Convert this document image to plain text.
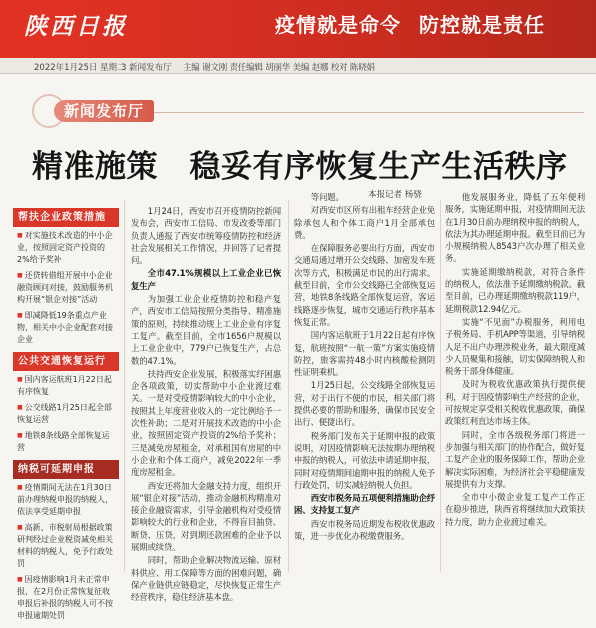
陕西日报	疫情就是命令 防控就是责任
2022年1月25日 星期二
3 新闻发布厅 主编 谢文刚 责任编辑 胡丽华 美编 赵娜 校对 陈晓娟
新闻发布厅
精准施策　稳妥有序恢复生产生活秩序
本报记者 杨骁
帮扶企业政策措施
■ 对实施技术改造的中小企业，按照固定资产投资的2%给予奖补
■ 还贷转借组开展中小企业融资顾问对接，鼓励服务机构开展“银企对接”活动
■ 即减降低19条重点产业物，相关中小企业配套对接企业
公共交通恢复运行
■ 国内客运航班1月22日起有序恢复
■ 公交线路1月25日起全部恢复运营
■ 地铁8条线路全部恢复运营
纳税可延期申报
■ 疫情期间无法在1月30日前办理纳税申报的纳税人，依法享受延期申报
■ 高新、市税射局根据政策研判经过企业税资减免相关材料的纳税人，免予行政处罚
■ 因疫情影响1月未正常申报，在2月份正常恢复征收申报后补报的纳税人可不按申报逾期处罚

1月24日，西安市召开疫情防控新闻发布会，西安市工信局、市发改委等部门负责人通报了西安市统筹疫情防控和经济社会发展相关工作情况，并回答了记者提问。

全市47.1%规模以上工业企业已恢复生产

为加强工业企业疫情防控和稳产复产，西安市工信局按照分类指导、精准施策的原则，持续推动规上工业企业有序复工复产。截至目前，全市1656户规模以上工业企业中，779户已恢复生产，占总数的47.1%。

扶持西安企业发展，积极落实纾困惠企各项政策，切实帮助中小企业渡过难关。一是对受疫情影响较大的中小企业，按照其上年度营业收入的一定比例给予一次性补助；二是对开展技术改造的中小企业，按照固定资产投资的2%给予奖补；三是减免房屋租金，对承租国有房屋的中小企业和个体工商户，减免2022年一季度房屋租金。

西安还将加大金融支持力度，组织开展“银企对接”活动，推动金融机构精准对接企业融资需求，引导金融机构对受疫情影响较大的行业和企业，不得盲目抽贷、断贷、压贷，对到期还款困难的企业予以展期或续贷。

同时，帮助企业解决物流运输、原材料供应、用工保障等方面的困难问题，确保产业链供应链稳定，尽快恢复正常生产经营秩序，稳住经济基本盘。

等问题。

对西安市区所有出租车经营企业免除承包人和个体工商户1月全部承包费。

在保障服务必要出行方面，西安市交通局通过增开公交线路、加密发车班次等方式，积极满足市民的出行需求。截至目前，全市公交线路已全部恢复运营，地铁8条线路全部恢复运营，客运线路逐步恢复，城市交通运行秩序基本恢复正常。

国内客运航班于1月22日起有序恢复，航班按照“一航一策”方案实施疫情防控，旅客需持48小时内核酸检测阴性证明乘机。

1月25日起，公交线路全部恢复运营，对于出行不便的市民，相关部门将提供必要的帮助和服务，确保市民安全出行、便捷出行。

税务部门发布关于延期申报的政策说明，对因疫情影响无法按期办理纳税申报的纳税人，可依法申请延期申报，同时对疫情期间逾期申报的纳税人免予行政处罚，切实减轻纳税人负担。

西安市税务局五项便利措施助企纾困、支持复工复产

西安市税务局近期发布税收优惠政策，进一步优化办税缴费服务。

他发展服务业，降低了五年便利服务，实施延期申报，对疫情期间无法在1月30日前办理纳税申报的纳税人，依法为其办理延期申报。截至目前已为小规模纳税人8543户次办理了相关业务。

实施延期缴纳税款，对符合条件的纳税人，依法准予延期缴纳税款。截至目前，已办理延期缴纳税款119户，延期税款12.94亿元。

实施“不见面”办税服务，利用电子税务局、手机APP等渠道，引导纳税人足不出户办理涉税业务，最大限度减少人员聚集和接触，切实保障纳税人和税务干部身体健康。

及时为税收优惠政策执行提供便利，对于因疫情影响生产经营的企业，可按规定享受相关税收优惠政策，确保政策红利直达市场主体。

同时，全市各级税务部门将进一步加强与相关部门的协作配合，做好复工复产企业的服务保障工作，帮助企业解决实际困难，为经济社会平稳健康发展提供有力支撑。

全市中小微企业复工复产工作正在稳步推进，陕西省将继续加大政策扶持力度，助力企业渡过难关。
